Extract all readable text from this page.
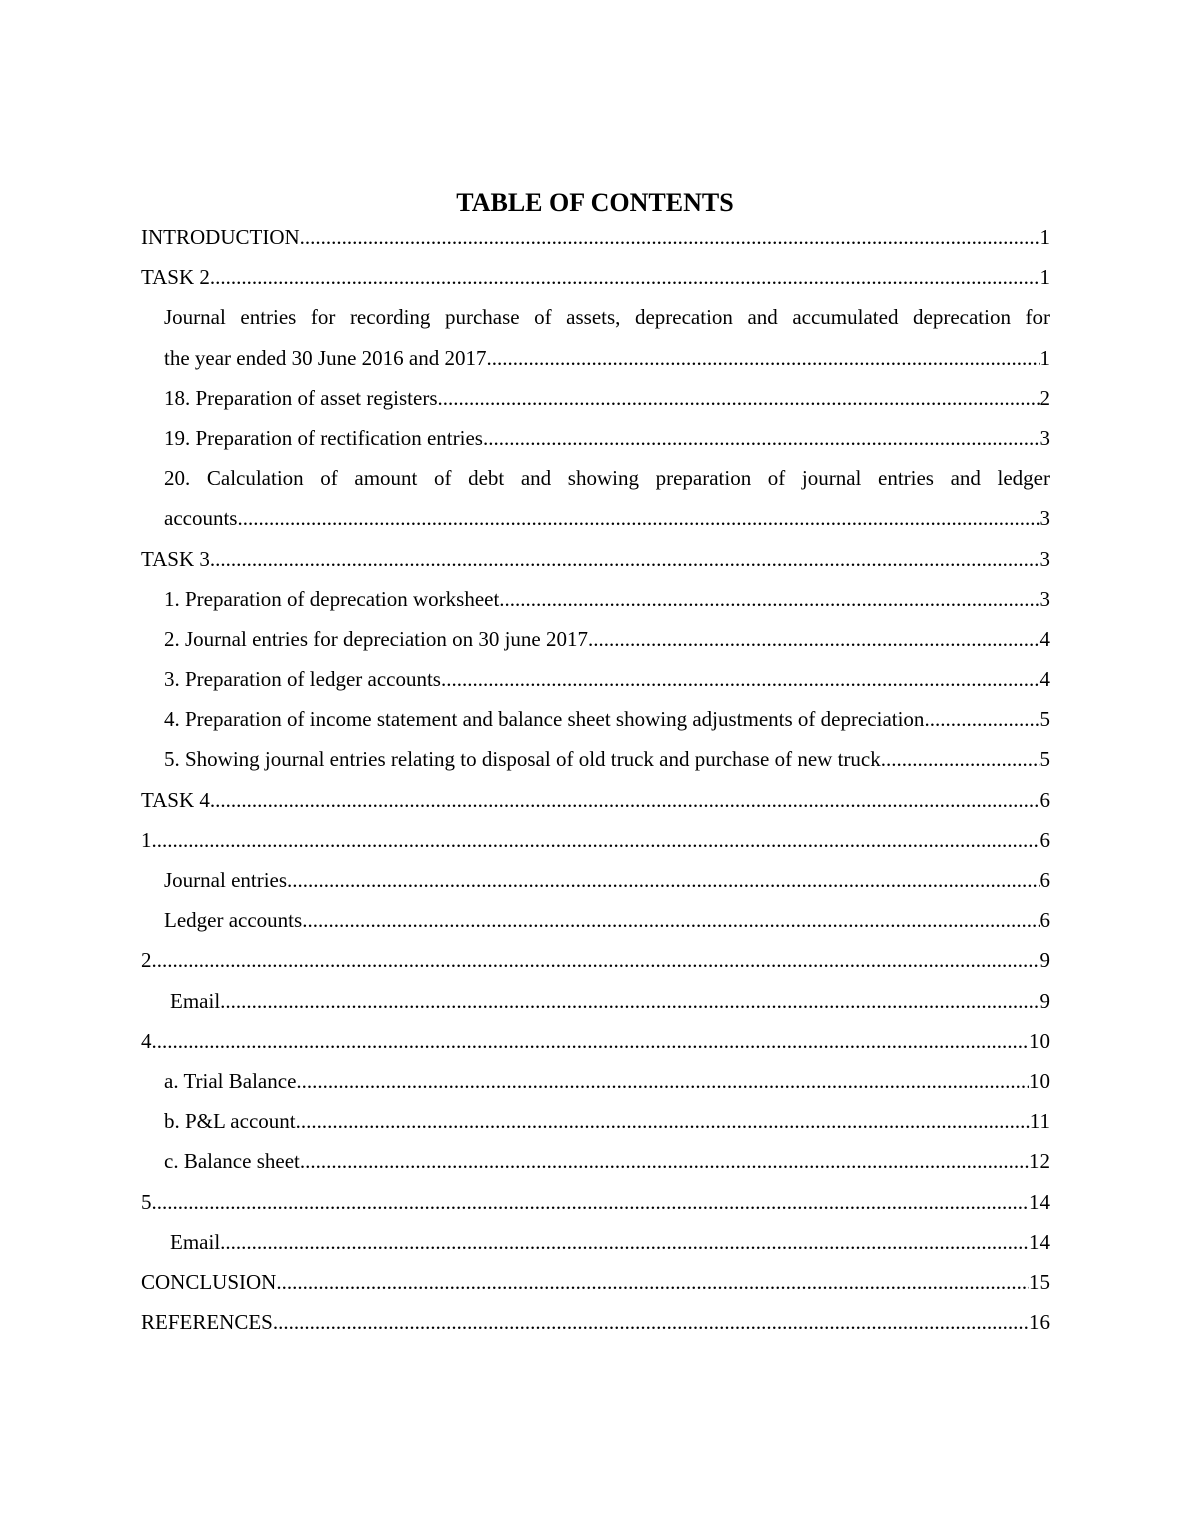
TABLE OF CONTENTS
INTRODUCTION .....	1
TASK 2 .....	1
Journal entries for recording purchase of assets, deprecation and accumulated deprecation for
the year ended 30 June 2016 and 2017 .....	1
18. Preparation of asset registers .....	2
19. Preparation of rectification entries .....	3
20. Calculation of amount of debt and showing preparation of journal entries and ledger
accounts .....	3
TASK 3 .....	3
1. Preparation of deprecation worksheet .....	3
2. Journal entries for depreciation on 30 june 2017 .....	4
3. Preparation of ledger accounts .....	4
4. Preparation of income statement and balance sheet showing adjustments of depreciation .....	5
5. Showing journal entries relating to disposal of old truck and purchase of new truck .....	5
TASK 4 .....	6
1 .....	6
Journal entries .....	6
Ledger accounts .....	6
2 .....	9
Email .....	9
4 .....	10
a. Trial Balance .....	10
b. P&L account .....	11
c. Balance sheet .....	12
5 .....	14
Email .....	14
CONCLUSION .....	15
REFERENCES .....	16
